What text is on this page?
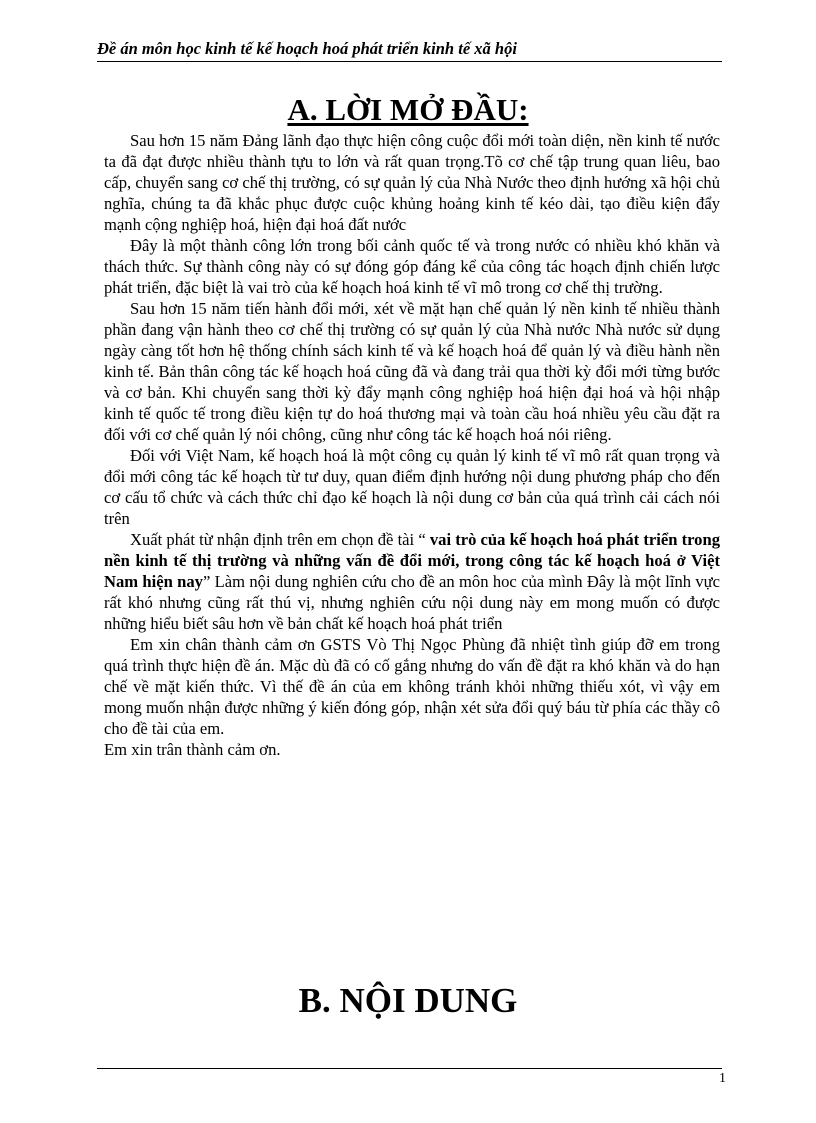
Đề án môn học kinh tế kế hoạch hoá phát triển kinh tế xã hội
A. LỜI MỞ ĐẦU:

Sau hơn 15 năm Đảng lãnh đạo thực hiện công cuộc đổi mới toàn diện, nền kinh tế nước ta đã đạt được nhiều thành tựu to lớn và rất quan trọng.Tõ cơ chế tập trung quan liêu, bao cấp, chuyển sang cơ chế thị trường, có sự quản lý của Nhà Nước theo định hướng xã hội chủ nghĩa, chúng ta đã khắc phục được cuộc khủng hoảng kinh tế kéo dài, tạo điều kiện đẩy mạnh cộng nghiệp hoá, hiện đại hoá đất nước

Đây là một thành công lớn trong bối cảnh quốc tế và trong nước có nhiều khó khăn và thách thức. Sự thành công này có sự đóng góp đáng kể của công tác hoạch định chiến lược phát triển, đặc biệt là vai trò của kế hoạch hoá kinh tế vĩ mô trong cơ chế thị trường.

Sau hơn 15 năm tiến hành đổi mới, xét về mặt hạn chế quản lý nền kinh tế nhiều thành phần đang vận hành theo cơ chế thị trường có sự quản lý của Nhà nước Nhà nước sử dụng ngày càng tốt hơn hệ thống chính sách kinh tế và kế hoạch hoá để quản lý và điều hành nền kinh tế. Bản thân công tác kế hoạch hoá cũng đã và đang trải qua thời kỳ đổi mới từng bước và cơ bản. Khi chuyển sang thời kỳ đẩy mạnh công nghiệp hoá hiện đại hoá và hội nhập kinh tế quốc tế trong điều kiện tự do hoá thương mại và toàn cầu hoá nhiều yêu cầu đặt ra đối với cơ chế quản lý nói chông, cũng như công tác kế hoạch hoá nói riêng.

Đối với Việt Nam, kế hoạch hoá là một công cụ quản lý kinh tế vĩ mô rất quan trọng và đổi mới công tác kế hoạch từ tư duy, quan điểm định hướng nội dung phương pháp cho đến cơ cấu tổ chức và cách thức chỉ đạo kế hoạch là nội dung cơ bản của quá trình cải cách nói trên

Xuất phát từ nhận định trên em chọn đề tài “ vai trò của kế hoạch hoá phát triển trong nền kinh tế thị trường và những vấn đề đổi mới, trong công tác kế hoạch hoá ở Việt Nam hiện nay” Làm nội dung nghiên cứu cho đề an môn hoc của mình Đây là một lĩnh vực rất khó nhưng cũng rất thú vị, nhưng nghiên cứu nội dung này em mong muốn có được những hiểu biết sâu hơn về bản chất kế hoạch hoá phát triển

Em xin chân thành cảm ơn GSTS Vò Thị Ngọc Phùng đã nhiệt tình giúp đỡ em trong quá trình thực hiện đề án. Mặc dù đã có cố gắng nhưng do vấn đề đặt ra khó khăn và do hạn chế về mặt kiến thức. Vì thế đề án của em không tránh khỏi những thiếu xót, vì vậy em mong muốn nhận được những ý kiến đóng góp, nhận xét sửa đổi quý báu từ phía các thầy cô cho đề tài của em.

Em xin trân thành cảm ơn.

B. NỘI DUNG
1
